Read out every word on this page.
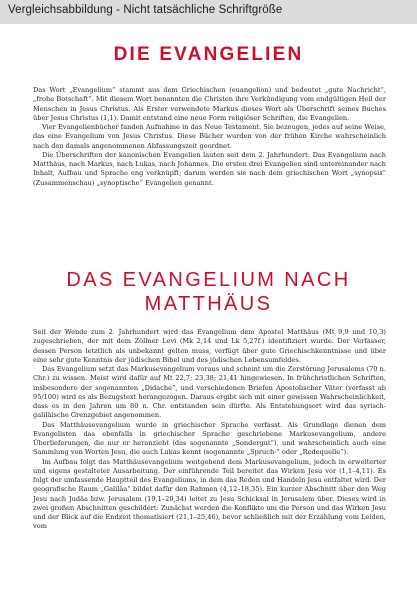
Vergleichsabbildung - Nicht tatsächliche Schriftgröße
DIE EVANGELIEN

Das Wort „Evangelium“ stammt aus dem Griechischen (euangelion) und bedeutet „gute Nachricht“, „frohe Botschaft“. Mit diesem Wort benannten die Christen ihre Verkündigung vom endgültigen Heil der Menschen in Jesus Christus. Als Erster verwendete Markus dieses Wort als Überschrift seines Buches über Jesus Christus (1,1). Damit entstand eine neue Form religiöser Schriften, die Evangelien.

Vier Evangelienbücher fanden Aufnahme in das Neue Testament. Sie bezeugen, jedes auf seine Weise, das eine Evangelium von Jesus Christus. Diese Bücher wurden von der frühen Kirche wahrscheinlich nach den damals angenommenen Abfassungszeit geordnet.

Die Überschriften der kanonischen Evangelien lauten seit dem 2. Jahrhundert: Das Evangelium nach Matthäus, nach Markus, nach Lukas, nach Johannes. Die ersten drei Evangelien sind untereinander nach Inhalt, Aufbau und Sprache eng verknüpft; darum werden sie nach dem griechischen Wort „synopsis“ (Zusammenschau) „synoptische“ Evangelien genannt.

DAS EVANGELIUM NACH
MATTHÄUS

Seit der Wende zum 2. Jahrhundert wird das Evangelium dem Apostel Matthäus (Mt 9,9 und 10,3) zugeschrieben, der mit dem Zöllner Levi (Mk 2,14 und Lk 5,27f.) identifiziert wurde. Der Verfasser, dessen Person letztlich als unbekannt gelten muss, verfügt über gute Griechischkenntnisse und über eine sehr gute Kenntnis der jüdischen Bibel und des jüdischen Lebensumfeldes.

Das Evangelium setzt das Markusevangelium voraus und scheint um die Zerstörung Jerusalems (70 n. Chr.) zu wissen. Meist wird dafür auf Mt 22,7; 23,38; 21,41 hingewiesen. In frühchristlichen Schriften, insbesondere der sogenannten „Didache“, und verschiedenen Briefen Apostolischer Väter (verfasst ab 95/100) wird es als Bezugstext herangezogen. Daraus ergibt sich mit einer gewissen Wahrscheinlichkeit, dass es in den Jahren um 80 n. Chr. entstanden sein dürfte. Als Entstehungsort wird das syrisch-galiläische Grenzgebiet angenommen.

Das Matthäusevangelium wurde in griechischer Sprache verfasst. Als Grundlage dienen dem Evangelisten das ebenfalls in griechischer Sprache geschriebene Markusevangelium, andere Überlieferungen, die nur er heranzieht (das sogenannte „Sondergut“), und wahrscheinlich auch eine Sammlung von Worten Jesu, die auch Lukas kennt (sogenannte „Spruch-“ oder „Redequelle“).

Im Aufbau folgt das Matthäusevangelium weitgehend dem Markusevangelium, jedoch in erweiterter und eigens gestalteter Ausarbeitung. Der einführende Teil bereitet das Wirken Jesu vor (1,1–4,11). Es folgt der umfassende Hauptteil des Evangeliums, in dem das Reden und Handeln Jesu entfaltet wird. Der geografische Raum „Galiläa“ bildet dafür den Rahmen (4,12–18,35). Ein kurzer Abschnitt über den Weg Jesu nach Judäa bzw. Jerusalem (19,1–20,34) leitet zu Jesu Schicksal in Jerusalem über. Dieses wird in zwei großen Abschnitten geschildert: Zunächst werden die Konflikte um die Person und das Wirken Jesu und der Blick auf die Endzeit thematisiert (21,1–25,46), bevor schließlich mit der Erzählung vom Leiden, vom
